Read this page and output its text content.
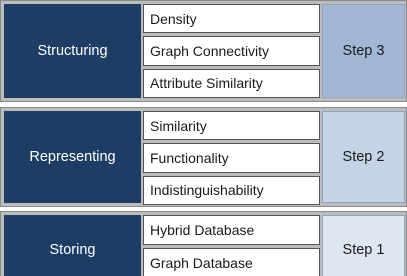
Structuring
Density
Graph Connectivity
Attribute Similarity
Step 3
Representing
Similarity
Functionality
Indistinguishability
Step 2
Storing
Hybrid Database
Graph Database
Step 1
